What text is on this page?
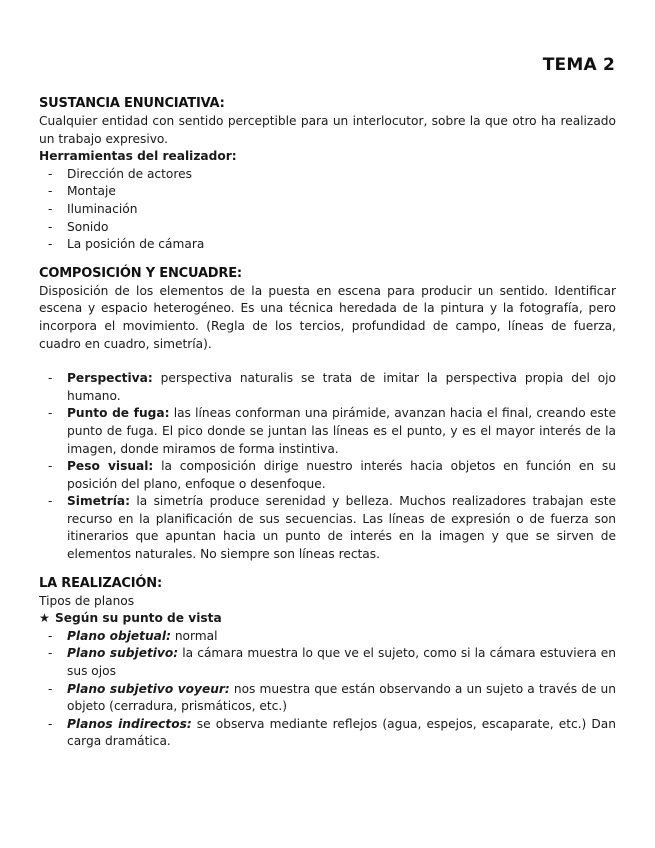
TEMA 2
SUSTANCIA ENUNCIATIVA:

Cualquier entidad con sentido perceptible para un interlocutor, sobre la que otro ha realizado un trabajo expresivo.

Herramientas del realizador:

- Dirección de actores
- Montaje
- Iluminación
- Sonido
- La posición de cámara
COMPOSICIÓN Y ENCUADRE:

Disposición de los elementos de la puesta en escena para producir un sentido. Identificar escena y espacio heterogéneo. Es una técnica heredada de la pintura y la fotografía, pero incorpora el movimiento. (Regla de los tercios, profundidad de campo, líneas de fuerza, cuadro en cuadro, simetría).

- Perspectiva: perspectiva naturalis se trata de imitar la perspectiva propia del ojo humano.
- Punto de fuga: las líneas conforman una pirámide, avanzan hacia el final, creando este punto de fuga. El pico donde se juntan las líneas es el punto, y es el mayor interés de la imagen, donde miramos de forma instintiva.
- Peso visual: la composición dirige nuestro interés hacia objetos en función en su posición del plano, enfoque o desenfoque.
- Simetría: la simetría produce serenidad y belleza. Muchos realizadores trabajan este recurso en la planificación de sus secuencias. Las líneas de expresión o de fuerza son itinerarios que apuntan hacia un punto de interés en la imagen y que se sirven de elementos naturales. No siempre son líneas rectas.
LA REALIZACIÓN:

Tipos de planos

★ Según su punto de vista

- Plano objetual: normal
- Plano subjetivo: la cámara muestra lo que ve el sujeto, como si la cámara estuviera en sus ojos
- Plano subjetivo voyeur: nos muestra que están observando a un sujeto a través de un objeto (cerradura, prismáticos, etc.)
- Planos indirectos: se observa mediante reflejos (agua, espejos, escaparate, etc.) Dan carga dramática.
